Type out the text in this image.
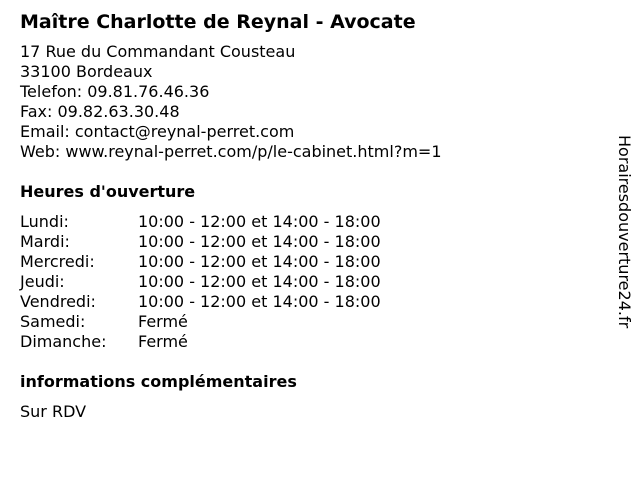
Maître Charlotte de Reynal - Avocate
17 Rue du Commandant Cousteau
33100 Bordeaux
Telefon: 09.81.76.46.36
Fax: 09.82.63.30.48
Email: contact@reynal-perret.com
Web: www.reynal-perret.com/p/le-cabinet.html?m=1
Heures d'ouverture
Lundi:	10:00 - 12:00 et 14:00 - 18:00
Mardi:	10:00 - 12:00 et 14:00 - 18:00
Mercredi:	10:00 - 12:00 et 14:00 - 18:00
Jeudi:	10:00 - 12:00 et 14:00 - 18:00
Vendredi:	10:00 - 12:00 et 14:00 - 18:00
Samedi:	Fermé
Dimanche:	Fermé
informations complémentaires
Sur RDV
Horairesdouverture24.fr
